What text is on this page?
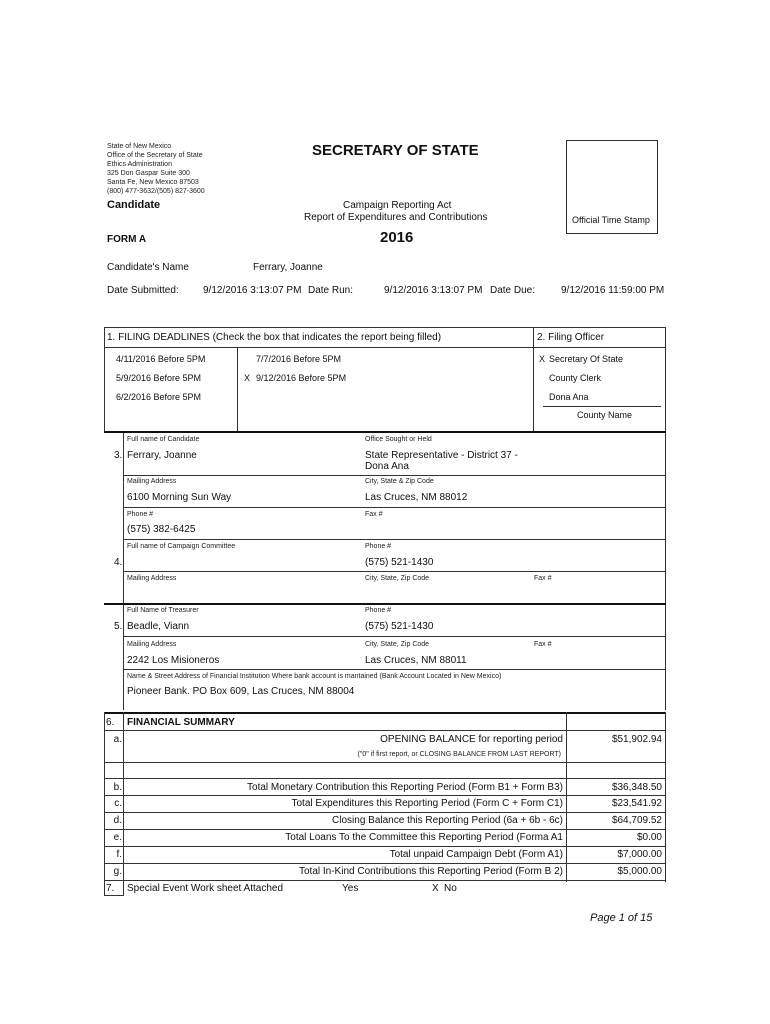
State of New Mexico
Office of the Secretary of State
Ethics Administration
325 Don Gaspar Suite 300
Santa Fe, New Mexico 87503
(800) 477-3632/(505) 827-3600
SECRETARY OF STATE
Candidate	Campaign Reporting Act
Report of Expenditures and Contributions
2016
FORM A
Official Time Stamp
Candidate's Name	Ferrary, Joanne
Date Submitted: 9/12/2016 3:13:07 PM Date Run:	9/12/2016 3:13:07 PM Date Due:	9/12/2016 11:59:00 PM
1. FILING DEADLINES (Check the box that indicates the report being filled)	2. Filing Officer
4/11/2016 Before 5PM
5/9/2016 Before 5PM
6/2/2016 Before 5PM
7/7/2016 Before 5PM
X 9/12/2016 Before 5PM
X Secretary Of State
County Clerk
Dona Ana
County Name
Full name of Candidate	Office Sought or Held
3. Ferrary, Joanne	State Representative - District 37 -
Dona Ana
Mailing Address	City, State & Zip Code
6100 Morning Sun Way	Las Cruces, NM 88012
Phone #	Fax #
(575) 382-6425
Full name of Campaign Committee	Phone #
4.	(575) 521-1430
Mailing Address	City, State, Zip Code	Fax #
Full Name of Treasurer	Phone #
5. Beadle, Viann	(575) 521-1430
Mailing Address	City, State, Zip Code	Fax #
2242 Los Misioneros	Las Cruces, NM 88011
Name & Street Address of Financial Institution Where bank account is mantained (Bank Account Located in New Mexico)
Pioneer Bank. PO Box 609, Las Cruces, NM 88004
6. FINANCIAL SUMMARY
a.	OPENING BALANCE for reporting period	$51,902.94
("0" if first report, or CLOSING BALANCE FROM LAST REPORT)
b.	Total Monetary Contribution this Reporting Period (Form B1 + Form B3)	$36,348.50
c.	Total Expenditures this Reporting Period (Form C + Form C1)	$23,541.92
d.	Closing Balance this Reporting Period (6a + 6b - 6c)	$64,709.52
e.	Total Loans To the Committee this Reporting Period (Forma A1	$0.00
f.	Total unpaid Campaign Debt (Form A1)	$7,000.00
g.	Total In-Kind Contributions this Reporting Period (Form B 2)	$5,000.00
7. Special Event Work sheet Attached	Yes	X No
Page 1 of 15
